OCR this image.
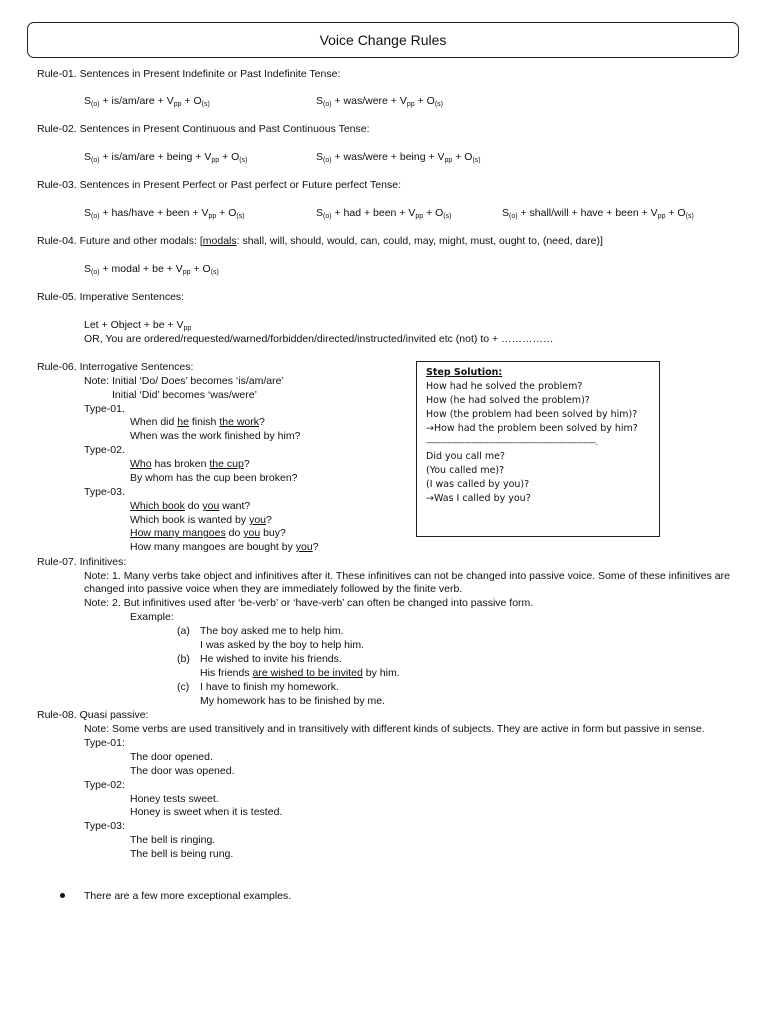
Voice Change Rules
Rule-01. Sentences in Present Indefinite or Past Indefinite Tense:
$S_{(o)} + is/am/are + V_{pp} + O_{(s)}$	$S_{(o)}$ + was/were + $V_{pp} + O_{(s)}$
Rule-02. Sentences in Present Continuous and Past Continuous Tense:
$S_{(o)} + is/am/are$ + being + $V_{pp} + O_{(s)}$	$S_{(o)}$ + was/were + being + $V_{pp} + O_{(s)}$
Rule-03. Sentences in Present Perfect or Past perfect or Future perfect Tense:
$S_{(o)}$ + has/have + been + $V_{pp} + O_{(s)}$	$S_{(o)}$ + had + been + $V_{pp} + O_{(s)}$	$S_{(o)}$ + shall/will + have + been + $V_{pp} + O_{(s)}$
Rule-04. Future and other modals: [modals: shall, will, should, would, can, could, may, might, must, ought to, (need, dare)]
$S_{(o)}$ + modal + be + $V_{pp} + O_{(s)}$
Rule-05. Imperative Sentences:
Let + Object + be + $V_{pp}$
OR, You are ordered/requested/warned/forbidden/directed/instructed/invited etc (not) to + ……………
Rule-06. Interrogative Sentences:
Note: Initial ‘Do/ Does’ becomes ‘is/am/are’
Initial ‘Did’ becomes ‘was/were’
Type-01.
When did he finish the work?
When was the work finished by him?
Type-02.
Who has broken the cup?
By whom has the cup been broken?
Type-03.
Which book do you want?
Which book is wanted by you?
How many mangoes do you buy?
How many mangoes are bought by you?
Step Solution:
How had he solved the problem?
How (he had solved the problem)?
How (the problem had been solved by him)?
→How had the problem been solved by him?
-----------------------------------------------------------------------.
Did you call me?
(You called me)?
(I was called by you)?
→Was I called by you?
Rule-07. Infinitives:
Note: 1. Many verbs take object and infinitives after it. These infinitives can not be changed into passive voice. Some of these infinitives are changed into passive voice when they are immediately followed by the finite verb.
Note: 2. But infinitives used after ‘be-verb’ or ‘have-verb’ can often be changed into passive form.
Example:
(a) The boy asked me to help him.
I was asked by the boy to help him.
(b) He wished to invite his friends.
His friends are wished to be invited by him.
(c) I have to finish my homework.
My homework has to be finished by me.
Rule-08. Quasi passive:
Note: Some verbs are used transitively and in transitively with different kinds of subjects. They are active in form but passive in sense.
Type-01:
The door opened.
The door was opened.
Type-02:
Honey tests sweet.
Honey is sweet when it is tested.
Type-03:
The bell is ringing.
The bell is being rung.
There are a few more exceptional examples.
